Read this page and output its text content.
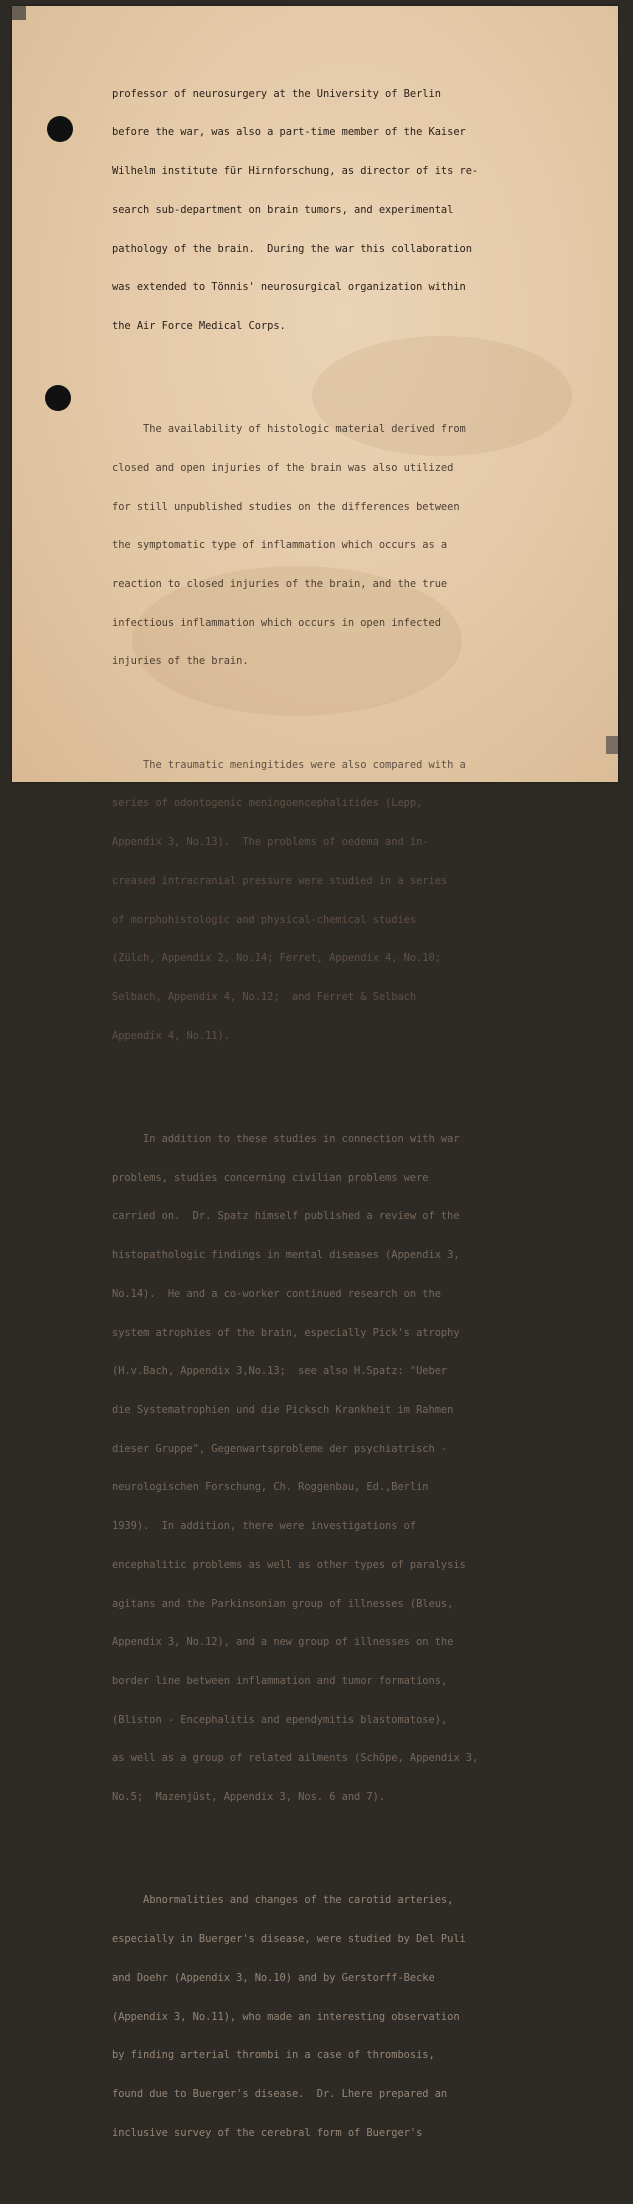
professor of neurosurgery at the University of Berlin

before the war, was also a part-time member of the Kaiser

Wilhelm institute für Hirnforschung, as director of its re-

search sub-department on brain tumors, and experimental

pathology of the brain.  During the war this collaboration

was extended to Tönnis' neurosurgical organization within

the Air Force Medical Corps.

The availability of histologic material derived from

closed and open injuries of the brain was also utilized

for still unpublished studies on the differences between

the symptomatic type of inflammation which occurs as a

reaction to closed injuries of the brain, and the true

infectious inflammation which occurs in open infected

injuries of the brain.

The traumatic meningitides were also compared with a

series of odontogenic meningoencephalitides (Lepp,

Appendix 3, No.13).  The problems of oedema and in-

creased intracranial pressure were studied in a series

of morphohistologic and physical-chemical studies

(Zülch, Appendix 2, No.14; Ferret, Appendix 4, No.10;

Selbach, Appendix 4, No.12;  and Ferret & Selbach

Appendix 4, No.11).

In addition to these studies in connection with war

problems, studies concerning civilian problems were

carried on.  Dr. Spatz himself published a review of the

histopathologic findings in mental diseases (Appendix 3,

No.14).  He and a co-worker continued research on the

system atrophies of the brain, especially Pick's atrophy

(H.v.Bach, Appendix 3,No.13;  see also H.Spatz: "Ueber

die Systematrophien und die Picksch Krankheit im Rahmen

dieser Gruppe", Gegenwartsprobleme der psychiatrisch -

neurologischen Forschung, Ch. Roggenbau, Ed.,Berlin

1939).  In addition, there were investigations of

encephalitic problems as well as other types of paralysis

agitans and the Parkinsonian group of illnesses (Bleus,

Appendix 3, No.12), and a new group of illnesses on the

border line between inflammation and tumor formations,

(Bliston - Encephalitis and ependymitis blastomatose),

as well as a group of related ailments (Schöpe, Appendix 3,

No.5;  Mazenjüst, Appendix 3, Nos. 6 and 7).

Abnormalities and changes of the carotid arteries,

especially in Buerger's disease, were studied by Del Puli

and Doehr (Appendix 3, No.10) and by Gerstorff-Becke

(Appendix 3, No.11), who made an interesting observation

by finding arterial thrombi in a case of thrombosis,

found due to Buerger's disease.  Dr. Lhere prepared an

inclusive survey of the cerebral form of Buerger's
